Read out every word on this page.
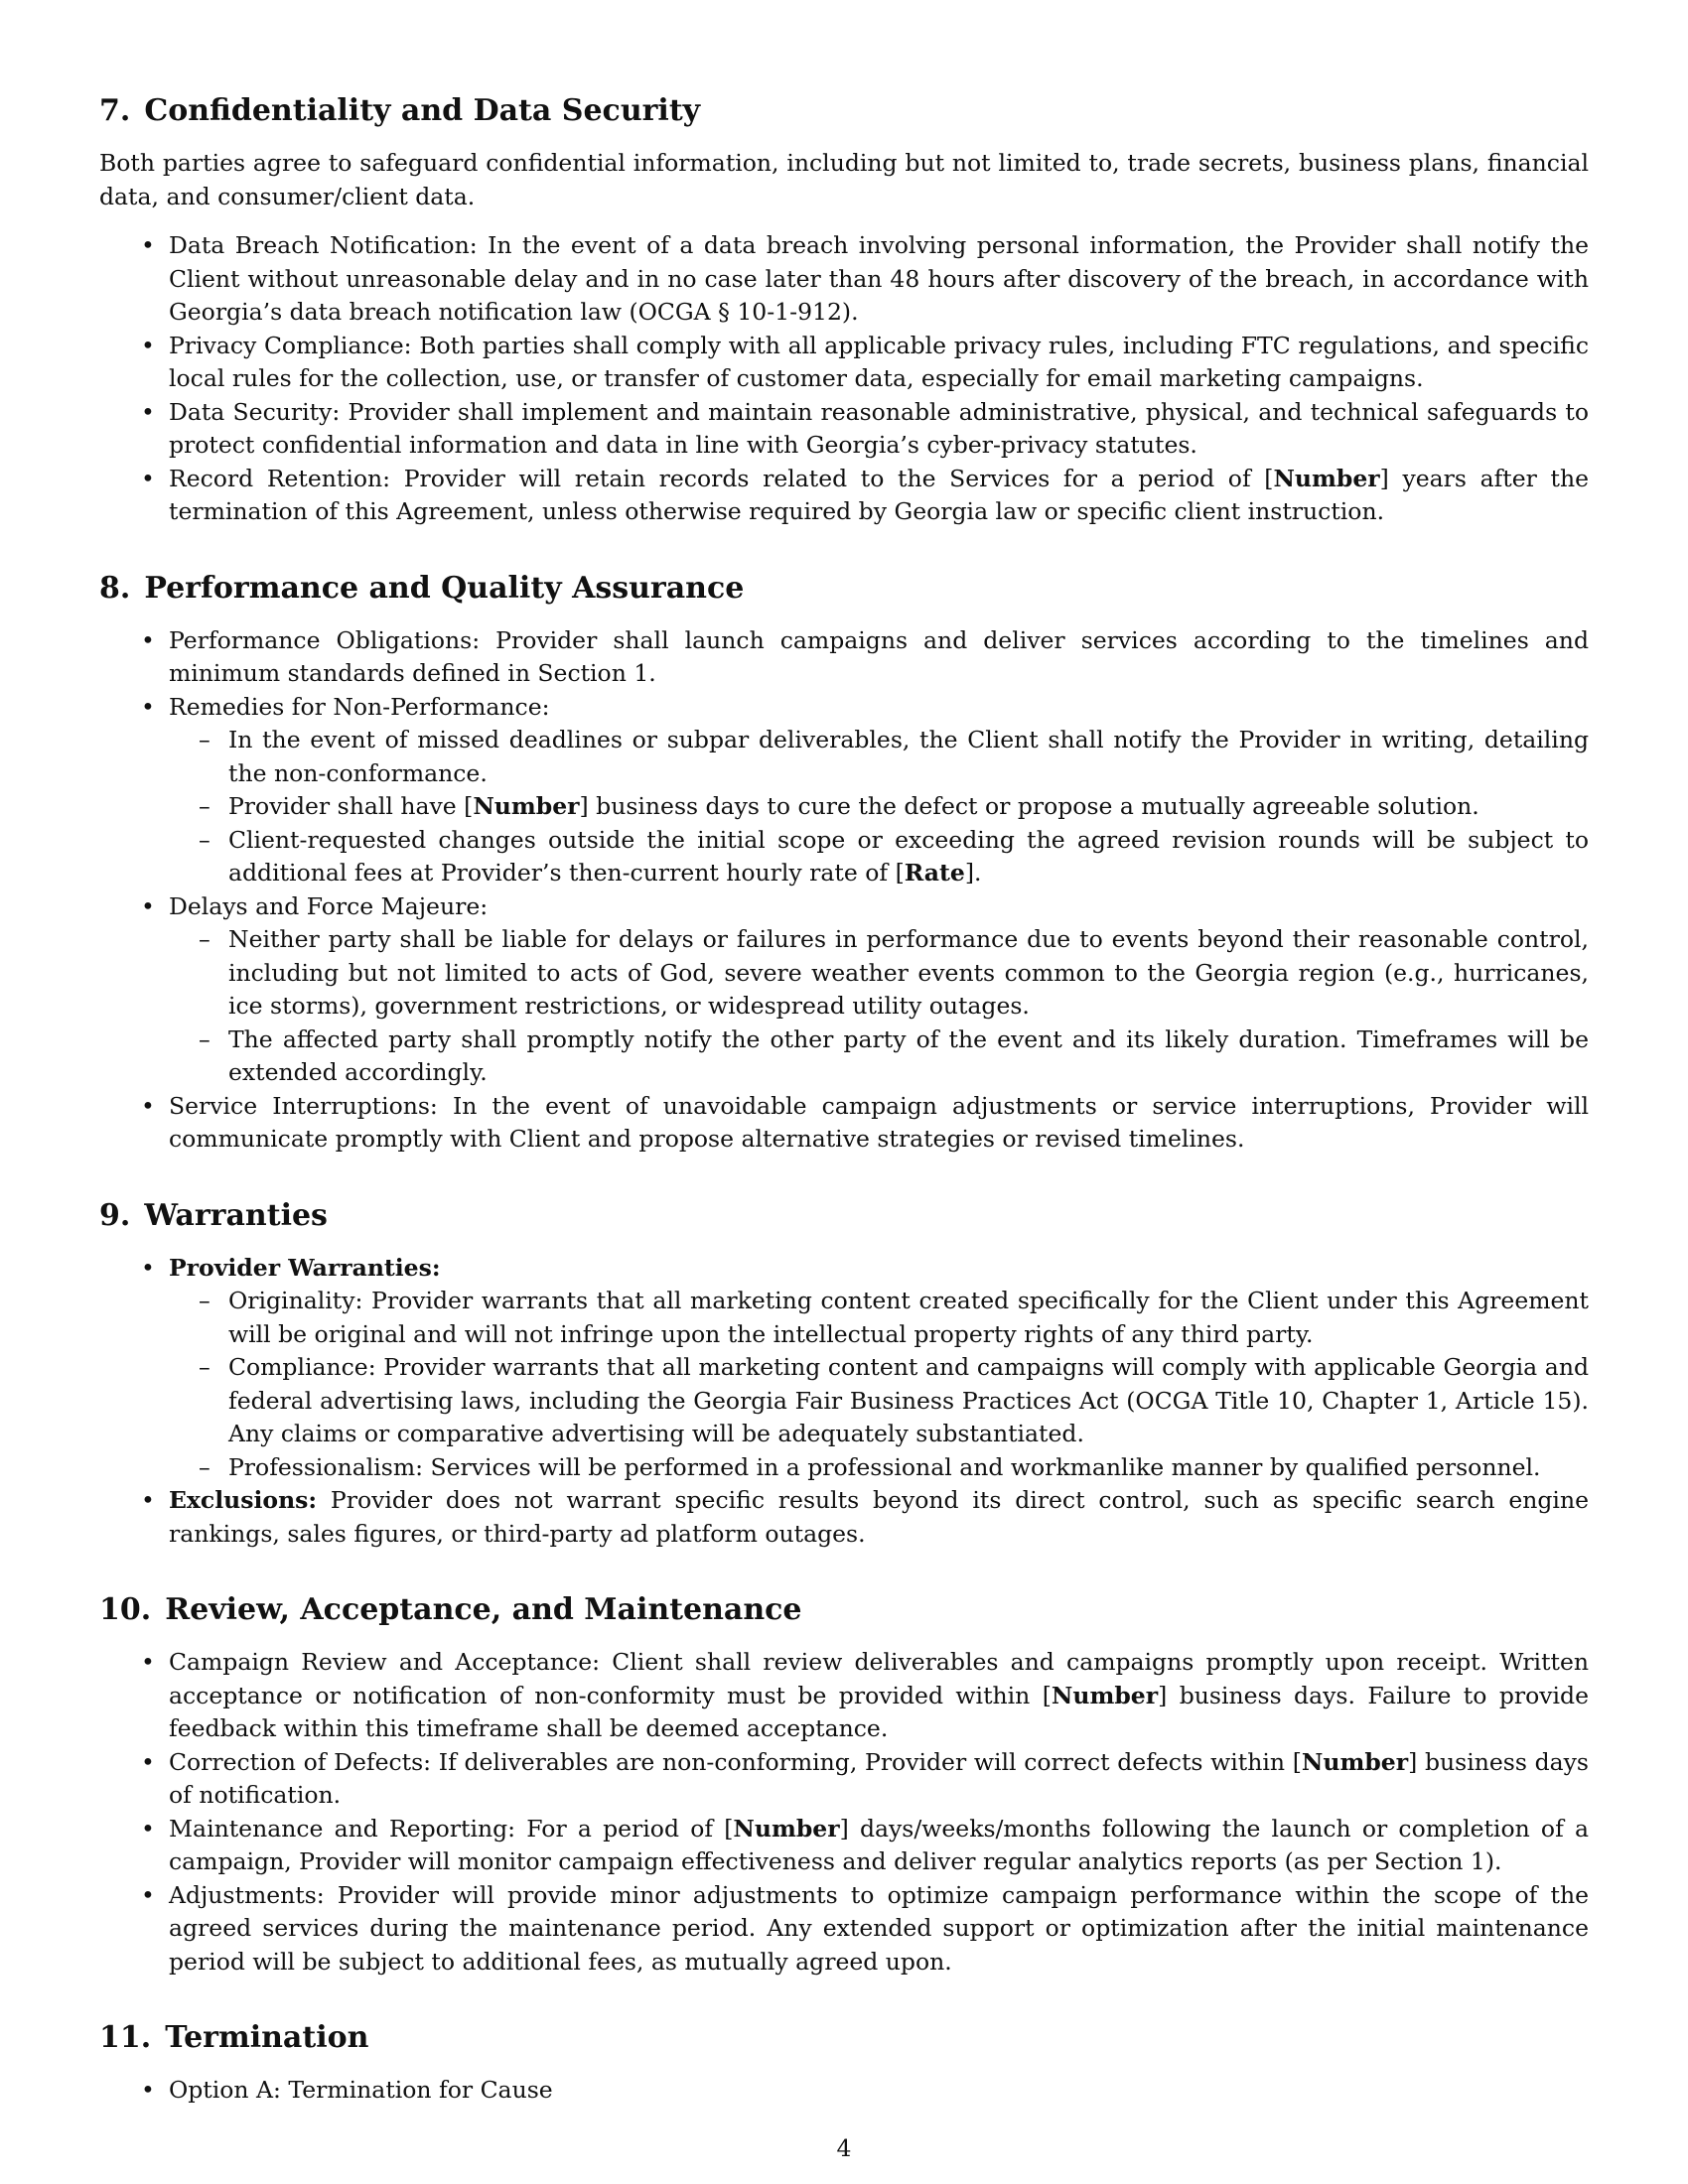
7. Confidentiality and Data Security

Both parties agree to safeguard confidential information, including but not limited to, trade secrets, business plans, financial data, and consumer/client data.

• Data Breach Notification: In the event of a data breach involving personal information, the Provider shall notify the Client without unreasonable delay and in no case later than 48 hours after discovery of the breach, in accordance with Georgia’s data breach notification law (OCGA § 10-1-912).
• Privacy Compliance: Both parties shall comply with all applicable privacy rules, including FTC regulations, and specific local rules for the collection, use, or transfer of customer data, especially for email marketing campaigns.
• Data Security: Provider shall implement and maintain reasonable administrative, physical, and technical safeguards to protect confidential information and data in line with Georgia’s cyber-privacy statutes.
• Record Retention: Provider will retain records related to the Services for a period of [Number] years after the termination of this Agreement, unless otherwise required by Georgia law or specific client instruction.
8. Performance and Quality Assurance
• Performance Obligations: Provider shall launch campaigns and deliver services according to the timelines and minimum standards defined in Section 1.
• Remedies for Non-Performance:
– In the event of missed deadlines or subpar deliverables, the Client shall notify the Provider in writing, detailing the non-conformance.
– Provider shall have [Number] business days to cure the defect or propose a mutually agreeable solution.
– Client-requested changes outside the initial scope or exceeding the agreed revision rounds will be subject to additional fees at Provider’s then-current hourly rate of [Rate].
• Delays and Force Majeure:
– Neither party shall be liable for delays or failures in performance due to events beyond their reasonable control, including but not limited to acts of God, severe weather events common to the Georgia region (e.g., hurricanes, ice storms), government restrictions, or widespread utility outages.
– The affected party shall promptly notify the other party of the event and its likely duration. Timeframes will be extended accordingly.
• Service Interruptions: In the event of unavoidable campaign adjustments or service interruptions, Provider will communicate promptly with Client and propose alternative strategies or revised timelines.
9. Warranties
• Provider Warranties:
– Originality: Provider warrants that all marketing content created specifically for the Client under this Agreement will be original and will not infringe upon the intellectual property rights of any third party.
– Compliance: Provider warrants that all marketing content and campaigns will comply with applicable Georgia and federal advertising laws, including the Georgia Fair Business Practices Act (OCGA Title 10, Chapter 1, Article 15). Any claims or comparative advertising will be adequately substantiated.
– Professionalism: Services will be performed in a professional and workmanlike manner by qualified personnel.
• Exclusions: Provider does not warrant specific results beyond its direct control, such as specific search engine rankings, sales figures, or third-party ad platform outages.
10. Review, Acceptance, and Maintenance
• Campaign Review and Acceptance: Client shall review deliverables and campaigns promptly upon receipt. Written acceptance or notification of non-conformity must be provided within [Number] business days. Failure to provide feedback within this timeframe shall be deemed acceptance.
• Correction of Defects: If deliverables are non-conforming, Provider will correct defects within [Number] business days of notification.
• Maintenance and Reporting: For a period of [Number] days/weeks/months following the launch or completion of a campaign, Provider will monitor campaign effectiveness and deliver regular analytics reports (as per Section 1).
• Adjustments: Provider will provide minor adjustments to optimize campaign performance within the scope of the agreed services during the maintenance period. Any extended support or optimization after the initial maintenance period will be subject to additional fees, as mutually agreed upon.
11. Termination
• Option A: Termination for Cause
4
